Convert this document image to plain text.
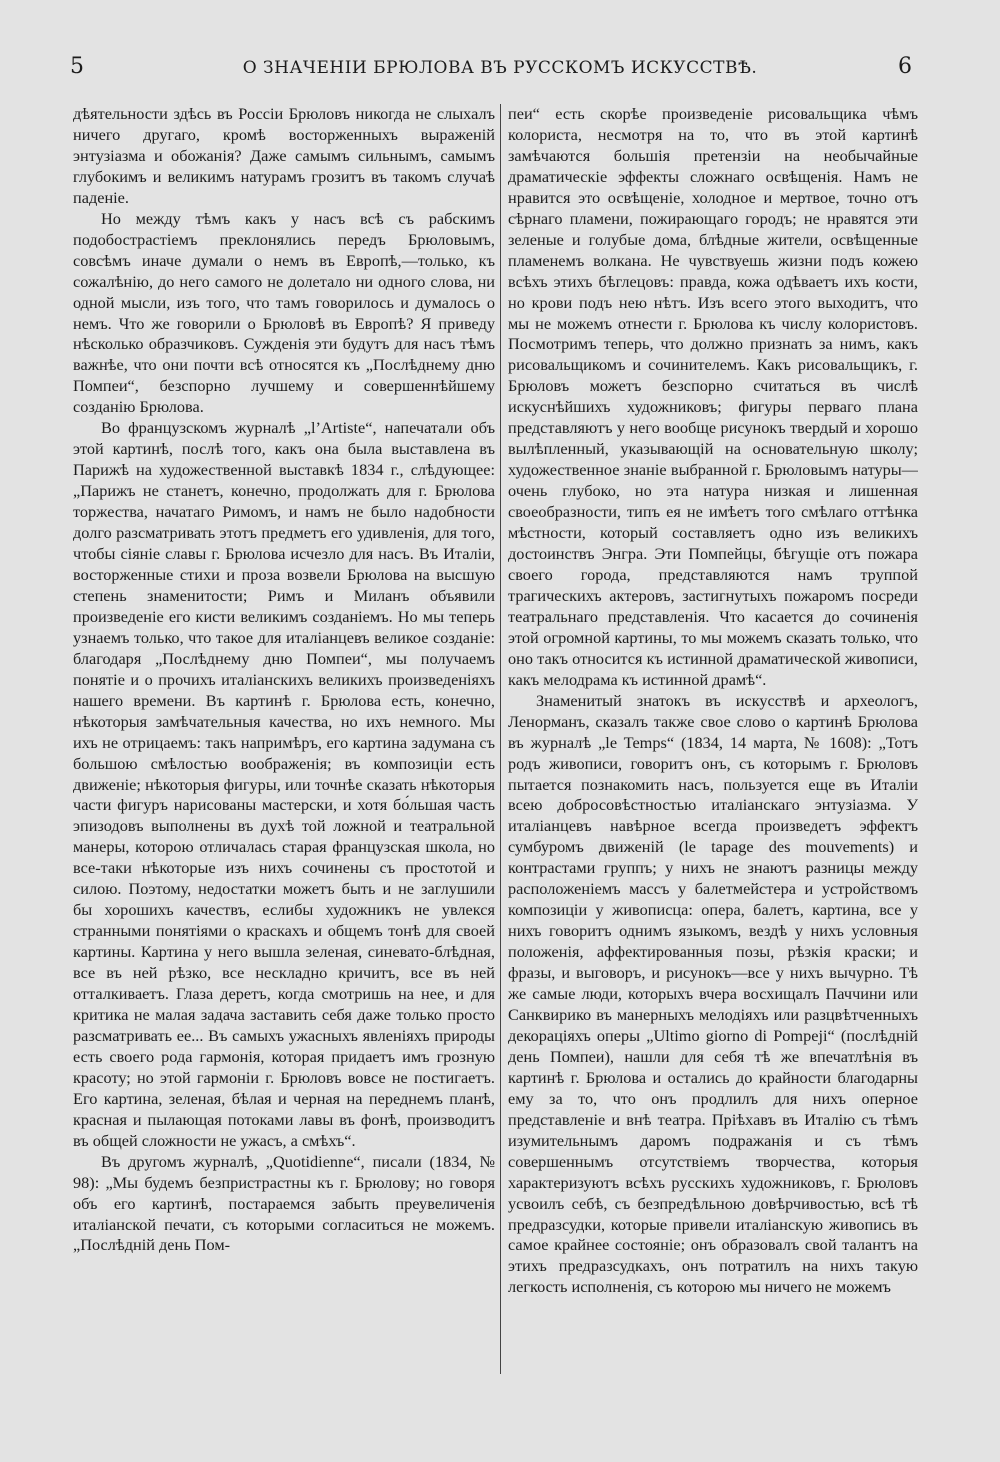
5	О ЗНАЧЕНІИ БРЮЛОВА ВЪ РУССКОМЪ ИСКУССТВѢ.	6

дѣятельности здѣсь въ Россіи Брюловъ никогда не слыхалъ ничего другаго, кромѣ восторженныхъ выраженій энтузіазма и обожанія? Даже самымъ сильнымъ, самымъ глубокимъ и великимъ натурамъ грозитъ въ такомъ случаѣ паденіе.

Но между тѣмъ какъ у насъ всѣ съ рабскимъ подобострастіемъ преклонялись передъ Брюловымъ, совсѣмъ иначе думали о немъ въ Европѣ,—только, къ сожалѣнію, до него самого не долетало ни одного слова, ни одной мысли, изъ того, что тамъ говорилось и думалось о немъ. Что же говорили о Брюловѣ въ Европѣ? Я приведу нѣсколько образчиковъ. Сужденія эти будутъ для насъ тѣмъ важнѣе, что они почти всѣ относятся къ „Послѣднему дню Помпеи“, безспорно лучшему и совершеннѣйшему созданію Брюлова.

Во французскомъ журналѣ „l’Artiste“, напечатали объ этой картинѣ, послѣ того, какъ она была выставлена въ Парижѣ на художественной выставкѣ 1834 г., слѣдующее: „Парижъ не станетъ, конечно, продолжать для г. Брюлова торжества, начатаго Римомъ, и намъ не было надобности долго разсматривать этотъ предметъ его удивленія, для того, чтобы сіяніе славы г. Брюлова исчезло для насъ. Въ Италіи, восторженные стихи и проза возвели Брюлова на высшую степень знаменитости; Римъ и Миланъ объявили произведеніе его кисти великимъ созданіемъ. Но мы теперь узнаемъ только, что такое для италіанцевъ великое созданіе: благодаря „Послѣднему дню Помпеи“, мы получаемъ понятіе и о прочихъ италіанскихъ великихъ произведеніяхъ нашего времени. Въ картинѣ г. Брюлова есть, конечно, нѣкоторыя замѣчательныя качества, но ихъ немного. Мы ихъ не отрицаемъ: такъ напримѣръ, его картина задумана съ большою смѣлостью воображенія; въ композиціи есть движеніе; нѣкоторыя фигуры, или точнѣе сказать нѣкоторыя части фигуръ нарисованы мастерски, и хотя бо́льшая часть эпизодовъ выполнены въ духѣ той ложной и театральной манеры, которою отличалась старая французская школа, но все-таки нѣкоторые изъ нихъ сочинены съ простотой и силою. Поэтому, недостатки можетъ быть и не заглушили бы хорошихъ качествъ, еслибы художникъ не увлекся странными понятіями о краскахъ и общемъ тонѣ для своей картины. Картина у него вышла зеленая, синевато-блѣдная, все въ ней рѣзко, все нескладно кричитъ, все въ ней отталкиваетъ. Глаза деретъ, когда смотришь на нее, и для критика не малая задача заставить себя даже только просто разсматривать ее... Въ самыхъ ужасныхъ явленіяхъ природы есть своего рода гармонія, которая придаетъ имъ грозную красоту; но этой гармоніи г. Брюловъ вовсе не постигаетъ. Его картина, зеленая, бѣлая и черная на переднемъ планѣ, красная и пылающая потоками лавы въ фонѣ, производитъ въ общей сложности не ужасъ, а смѣхъ“.

Въ другомъ журналѣ, „Quotidienne“, писали (1834, № 98): „Мы будемъ безпристрастны къ г. Брюлову; но говоря объ его картинѣ, постараемся забыть преувеличенія италіанской печати, съ которыми согласиться не можемъ. „Послѣдній день Пом-

пеи“ есть скорѣе произведеніе рисовальщика чѣмъ колориста, несмотря на то, что въ этой картинѣ замѣчаются большія претензіи на необычайные драматическіе эффекты сложнаго освѣщенія. Намъ не нравится это освѣщеніе, холодное и мертвое, точно отъ сѣрнаго пламени, пожирающаго городъ; не нравятся эти зеленые и голубые дома, блѣдные жители, освѣщенные пламенемъ волкана. Не чувствуешь жизни подъ кожею всѣхъ этихъ бѣглецовъ: правда, кожа одѣваетъ ихъ кости, но крови подъ нею нѣтъ. Изъ всего этого выходитъ, что мы не можемъ отнести г. Брюлова къ числу колористовъ. Посмотримъ теперь, что должно признать за нимъ, какъ рисовальщикомъ и сочинителемъ. Какъ рисовальщикъ, г. Брюловъ можетъ безспорно считаться въ числѣ искуснѣйшихъ художниковъ; фигуры перваго плана представляютъ у него вообще рисунокъ твердый и хорошо вылѣпленный, указывающій на основательную школу; художественное знаніе выбранной г. Брюловымъ натуры—очень глубоко, но эта натура низкая и лишенная своеобразности, типъ ея не имѣетъ того смѣлаго оттѣнка мѣстности, который составляетъ одно изъ великихъ достоинствъ Энгра. Эти Помпейцы, бѣгущіе отъ пожара своего города, представляются намъ труппой трагическихъ актеровъ, застигнутыхъ пожаромъ посреди театральнаго представленія. Что касается до сочиненія этой огромной картины, то мы можемъ сказать только, что оно такъ относится къ истинной драматической живописи, какъ мелодрама къ истинной драмѣ“.

Знаменитый знатокъ въ искусствѣ и археологъ, Ленорманъ, сказалъ также свое слово о картинѣ Брюлова въ журналѣ „le Temps“ (1834, 14 марта, № 1608): „Тотъ родъ живописи, говоритъ онъ, съ которымъ г. Брюловъ пытается познакомить насъ, пользуется еще въ Италіи всею добросовѣстностью италіанскаго энтузіазма. У италіанцевъ навѣрное всегда произведетъ эффектъ сумбуромъ движеній (le tapage des mouvements) и контрастами группъ; у нихъ не знаютъ разницы между расположеніемъ массъ у балетмейстера и устройствомъ композиціи у живописца: опера, балетъ, картина, все у нихъ говоритъ однимъ языкомъ, вездѣ у нихъ условныя положенія, аффектированныя позы, рѣзкія краски; и фразы, и выговоръ, и рисунокъ—все у нихъ вычурно. Тѣ же самые люди, которыхъ вчера восхищалъ Паччини или Санквирико въ манерныхъ мелодіяхъ или разцвѣтченныхъ декораціяхъ оперы „Ultimo giorno di Pompeji“ (послѣдній день Помпеи), нашли для себя тѣ же впечатлѣнія въ картинѣ г. Брюлова и остались до крайности благодарны ему за то, что онъ продлилъ для нихъ оперное представленіе и внѣ театра. Пріѣхавъ въ Италію съ тѣмъ изумительнымъ даромъ подражанія и съ тѣмъ совершеннымъ отсутствіемъ творчества, которыя характеризуютъ всѣхъ русскихъ художниковъ, г. Брюловъ усвоилъ себѣ, съ безпредѣльною довѣрчивостью, всѣ тѣ предразсудки, которые привели италіанскую живопись въ самое крайнее состояніе; онъ образовалъ свой талантъ на этихъ предразсудкахъ, онъ потратилъ на нихъ такую легкость исполненія, съ которою мы ничего не можемъ
